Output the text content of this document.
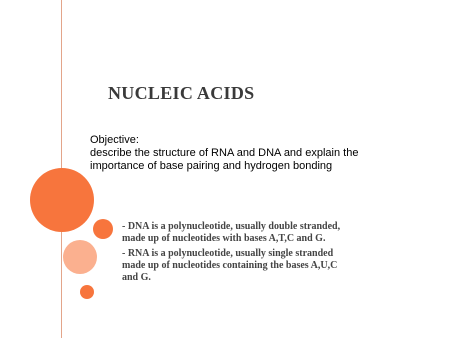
NUCLEIC ACIDS
Objective:
describe the structure of RNA and DNA and explain the
importance of base pairing and hydrogen bonding
- DNA is a polynucleotide, usually double stranded,
made up of nucleotides with bases A,T,C and G.
- RNA is a polynucleotide, usually single stranded
made up of nucleotides containing the bases A,U,C
and G.
